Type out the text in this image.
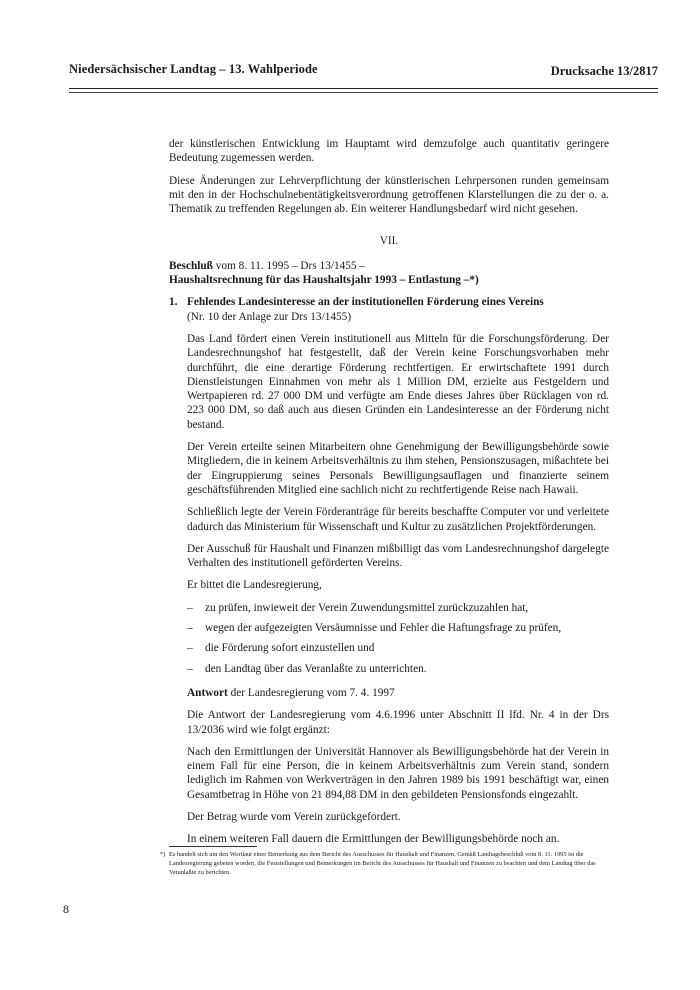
Niedersächsischer Landtag – 13. Wahlperiode	Drucksache 13/2817

der künstlerischen Entwicklung im Hauptamt wird demzufolge auch quantitativ geringere Bedeutung zugemessen werden.

Diese Änderungen zur Lehrverpflichtung der künstlerischen Lehrpersonen runden gemeinsam mit den in der Hochschulnebentätigkeitsverordnung getroffenen Klarstellungen die zu der o. a. Thematik zu treffenden Regelungen ab. Ein weiterer Handlungsbedarf wird nicht gesehen.

VII.

Beschluß vom 8. 11. 1995 – Drs 13/1455 –

Haushaltsrechnung für das Haushaltsjahr 1993 – Entlastung –*)

1. Fehlendes Landesinteresse an der institutionellen Förderung eines Vereins

(Nr. 10 der Anlage zur Drs 13/1455)

Das Land fördert einen Verein institutionell aus Mitteln für die Forschungsförderung. Der Landesrechnungshof hat festgestellt, daß der Verein keine Forschungsvorhaben mehr durchführt, die eine derartige Förderung rechtfertigen. Er erwirtschaftete 1991 durch Dienstleistungen Einnahmen von mehr als 1 Million DM, erzielte aus Festgeldern und Wertpapieren rd. 27 000 DM und verfügte am Ende dieses Jahres über Rücklagen von rd. 223 000 DM, so daß auch aus diesen Gründen ein Landesinteresse an der Förderung nicht bestand.

Der Verein erteilte seinen Mitarbeitern ohne Genehmigung der Bewilligungsbehörde sowie Mitgliedern, die in keinem Arbeitsverhältnis zu ihm stehen, Pensionszusagen, mißachtete bei der Eingruppierung seines Personals Bewilligungsauflagen und finanzierte seinem geschäftsführenden Mitglied eine sachlich nicht zu rechtfertigende Reise nach Hawaii.

Schließlich legte der Verein Förderanträge für bereits beschaffte Computer vor und verleitete dadurch das Ministerium für Wissenschaft und Kultur zu zusätzlichen Projektförderungen.

Der Ausschuß für Haushalt und Finanzen mißbilligt das vom Landesrechnungshof dargelegte Verhalten des institutionell geförderten Vereins.

Er bittet die Landesregierung,

–	zu prüfen, inwieweit der Verein Zuwendungsmittel zurückzuzahlen hat,
–	wegen der aufgezeigten Versäumnisse und Fehler die Haftungsfrage zu prüfen,
–	die Förderung sofort einzustellen und
–	den Landtag über das Veranlaßte zu unterrichten.

Antwort der Landesregierung vom 7. 4. 1997

Die Antwort der Landesregierung vom 4.6.1996 unter Abschnitt II lfd. Nr. 4 in der Drs 13/2036 wird wie folgt ergänzt:

Nach den Ermittlungen der Universität Hannover als Bewilligungsbehörde hat der Verein in einem Fall für eine Person, die in keinem Arbeitsverhältnis zum Verein stand, sondern lediglich im Rahmen von Werkverträgen in den Jahren 1989 bis 1991 beschäftigt war, einen Gesamtbetrag in Höhe von 21 894,88 DM in den gebildeten Pensionsfonds eingezahlt.

Der Betrag wurde vom Verein zurückgefordert.

In einem weiteren Fall dauern die Ermittlungen der Bewilligungsbehörde noch an.

*) Es handelt sich um den Wortlaut einer Bemerkung aus dem Bericht des Ausschusses für Haushalt und Finanzen. Gemäß Landtagsbeschluß vom 8. 11. 1995 ist die Landesregierung gebeten worden, die Feststellungen und Bemerkungen im Bericht des Ausschusses für Haushalt und Finanzen zu beachten und dem Landtag über das Veranlaßte zu berichten.
8
